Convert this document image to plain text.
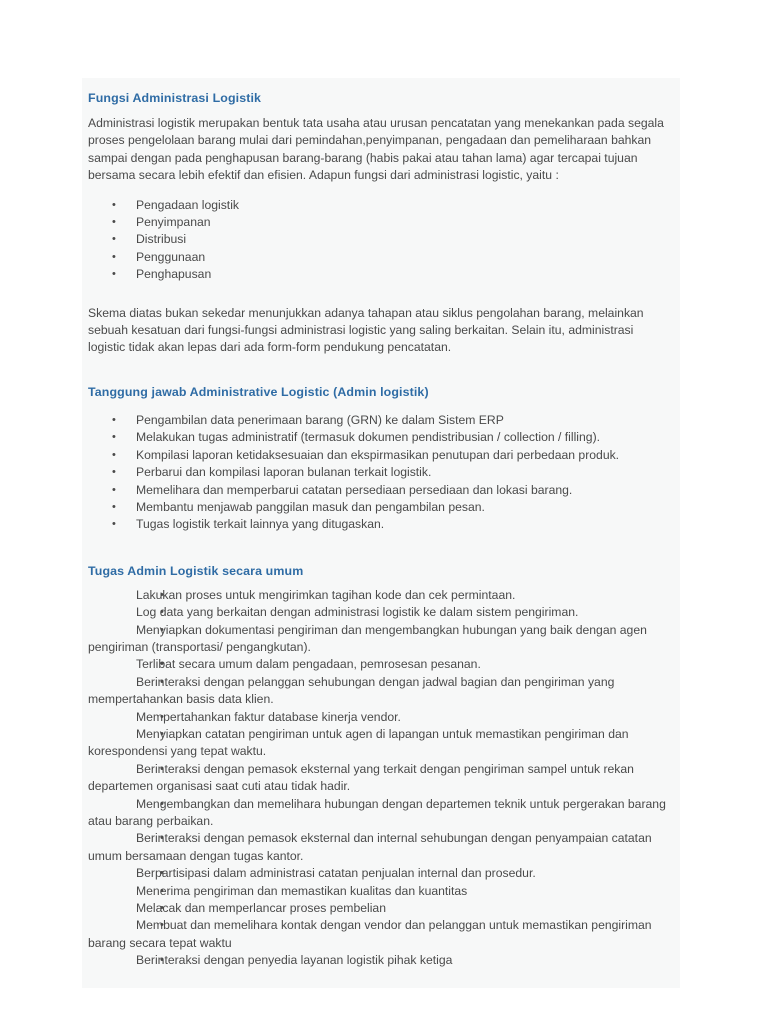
Fungsi Administrasi Logistik

Administrasi logistik merupakan bentuk tata usaha atau urusan pencatatan yang menekankan pada segala proses pengelolaan barang mulai dari pemindahan,penyimpanan, pengadaan dan pemeliharaan bahkan sampai dengan pada penghapusan barang-barang (habis pakai atau tahan lama) agar tercapai tujuan bersama secara lebih efektif dan efisien. Adapun fungsi dari administrasi logistic, yaitu :

• Pengadaan logistik
• Penyimpanan
• Distribusi
• Penggunaan
• Penghapusan

Skema diatas bukan sekedar menunjukkan adanya tahapan atau siklus pengolahan barang, melainkan sebuah kesatuan dari fungsi-fungsi administrasi logistic yang saling berkaitan. Selain itu, administrasi logistic tidak akan lepas dari ada form-form pendukung pencatatan.

Tanggung jawab Administrative Logistic (Admin logistik)
• Pengambilan data penerimaan barang (GRN) ke dalam Sistem ERP
• Melakukan tugas administratif (termasuk dokumen pendistribusian / collection / filling).
• Kompilasi laporan ketidaksesuaian dan ekspirmasikan penutupan dari perbedaan produk.
• Perbarui dan kompilasi laporan bulanan terkait logistik.
• Memelihara dan memperbarui catatan persediaan persediaan dan lokasi barang.
• Membantu menjawab panggilan masuk dan pengambilan pesan.
• Tugas logistik terkait lainnya yang ditugaskan.
Tugas Admin Logistik secara umum
• Lakukan proses untuk mengirimkan tagihan kode dan cek permintaan.
• Log data yang berkaitan dengan administrasi logistik ke dalam sistem pengiriman.
• Menyiapkan dokumentasi pengiriman dan mengembangkan hubungan yang baik dengan agen pengiriman (transportasi/ pengangkutan).
• Terlibat secara umum dalam pengadaan, pemrosesan pesanan.
• Berinteraksi dengan pelanggan sehubungan dengan jadwal bagian dan pengiriman yang mempertahankan basis data klien.
• Mempertahankan faktur database kinerja vendor.
• Menyiapkan catatan pengiriman untuk agen di lapangan untuk memastikan pengiriman dan korespondensi yang tepat waktu.
• Berinteraksi dengan pemasok eksternal yang terkait dengan pengiriman sampel untuk rekan departemen organisasi saat cuti atau tidak hadir.
• Mengembangkan dan memelihara hubungan dengan departemen teknik untuk pergerakan barang atau barang perbaikan.
• Berinteraksi dengan pemasok eksternal dan internal sehubungan dengan penyampaian catatan umum bersamaan dengan tugas kantor.
• Berpartisipasi dalam administrasi catatan penjualan internal dan prosedur.
• Menerima pengiriman dan memastikan kualitas dan kuantitas
• Melacak dan memperlancar proses pembelian
• Membuat dan memelihara kontak dengan vendor dan pelanggan untuk memastikan pengiriman barang secara tepat waktu
• Berinteraksi dengan penyedia layanan logistik pihak ketiga
